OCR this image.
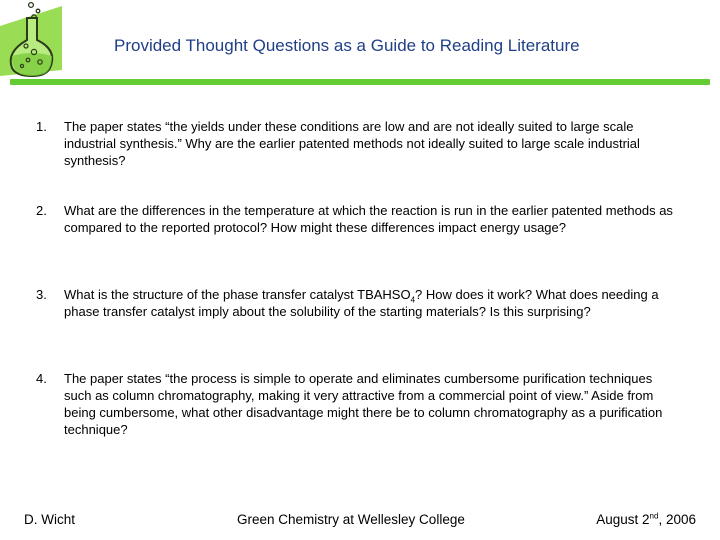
Provided Thought Questions as a Guide to Reading Literature
1.	The paper states “the yields under these conditions are low and are not ideally suited to large scale industrial synthesis.” Why are the earlier patented methods not ideally suited to large scale industrial synthesis?
2.	What are the differences in the temperature at which the reaction is run in the earlier patented methods as compared to the reported protocol? How might these differences impact energy usage?
3.	What is the structure of the phase transfer catalyst $TBAHSO_4$? How does it work? What does needing a phase transfer catalyst imply about the solubility of the starting materials? Is this surprising?
4.	The paper states “the process is simple to operate and eliminates cumbersome purification techniques such as column chromatography, making it very attractive from a commercial point of view.” Aside from being cumbersome, what other disadvantage might there be to column chromatography as a purification technique?
D. Wicht	Green Chemistry at Wellesley College	August 2nd, 2006
